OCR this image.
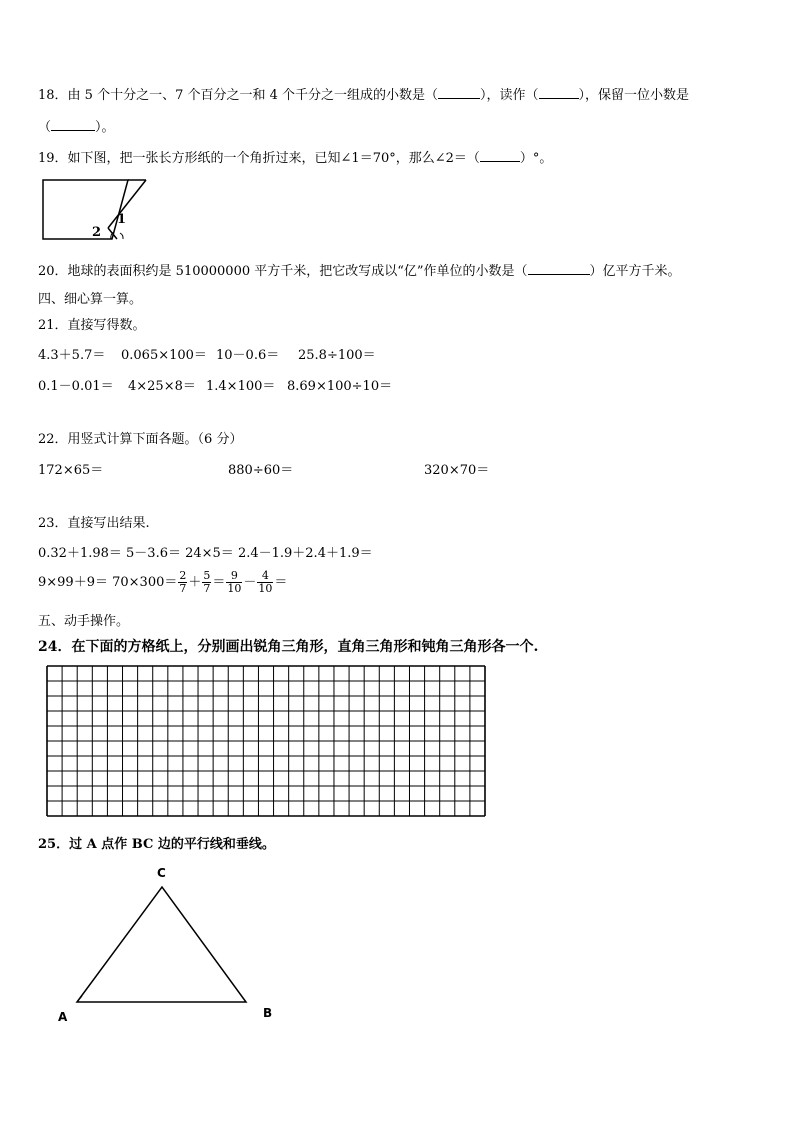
18．由 5 个十分之一、7 个百分之一和 4 个千分之一组成的小数是（	），读作（	），保留一位小数是
（	）。
19．如下图，把一张长方形纸的一个角折过来，已知∠1＝70°，那么∠2＝（	）°。
1
2
20．地球的表面积约是 510000000 平方千米，把它改写成以“亿”作单位的小数是（	）亿平方千米。
四、细心算一算。
21．直接写得数。
4.3＋5.7＝ 0.065×100＝ 10－0.6＝ 25.8÷100＝
0.1－0.01＝ 4×25×8＝ 1.4×100＝ 8.69×100÷10＝
22．用竖式计算下面各题。（6 分）
172×65＝	880÷60＝	320×70＝
23．直接写出结果.
0.32＋1.98＝ 5－3.6＝ 24×5＝ 2.4－1.9＋2.4＋1.9＝
$9\times 99+9= 70\times 300= \frac{2}{7} + \frac{5}{7} = \frac{9}{10} - \frac{4}{10}$ ＝
五、动手操作。
24．在下面的方格纸上，分别画出锐角三角形，直角三角形和钝角三角形各一个.
25．过 A 点作 BC 边的平行线和垂线。
C
A	B
